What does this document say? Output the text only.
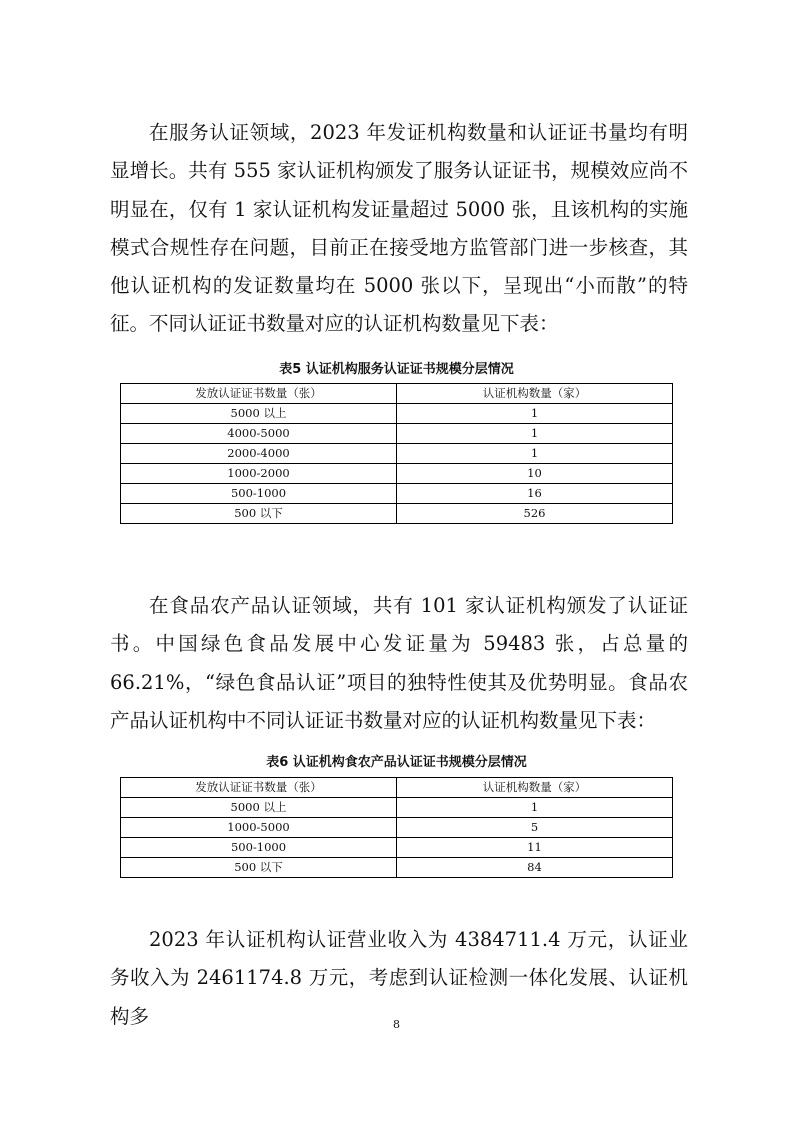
在服务认证领域，2023 年发证机构数量和认证证书量均有明显增长。共有 555 家认证机构颁发了服务认证证书，规模效应尚不明显在，仅有 1 家认证机构发证量超过 5000 张，且该机构的实施模式合规性存在问题，目前正在接受地方监管部门进一步核查，其他认证机构的发证数量均在 5000 张以下，呈现出“小而散”的特征。不同认证证书数量对应的认证机构数量见下表：

表5 认证机构服务认证证书规模分层情况

发放认证证书数量（张）	认证机构数量（家）
5000 以上	1
4000-5000	1
2000-4000	1
1000-2000	10
500-1000	16
500 以下	526

在食品农产品认证领域，共有 101 家认证机构颁发了认证证书。中国绿色食品发展中心发证量为 59483 张，占总量的 66.21%，“绿色食品认证”项目的独特性使其及优势明显。食品农产品认证机构中不同认证证书数量对应的认证机构数量见下表：

表6 认证机构食农产品认证证书规模分层情况

发放认证证书数量（张）	认证机构数量（家）
5000 以上	1
1000-5000	5
500-1000	11
500 以下	84

2023 年认证机构认证营业收入为 4384711.4 万元，认证业务收入为 2461174.8 万元，考虑到认证检测一体化发展、认证机构多	8
